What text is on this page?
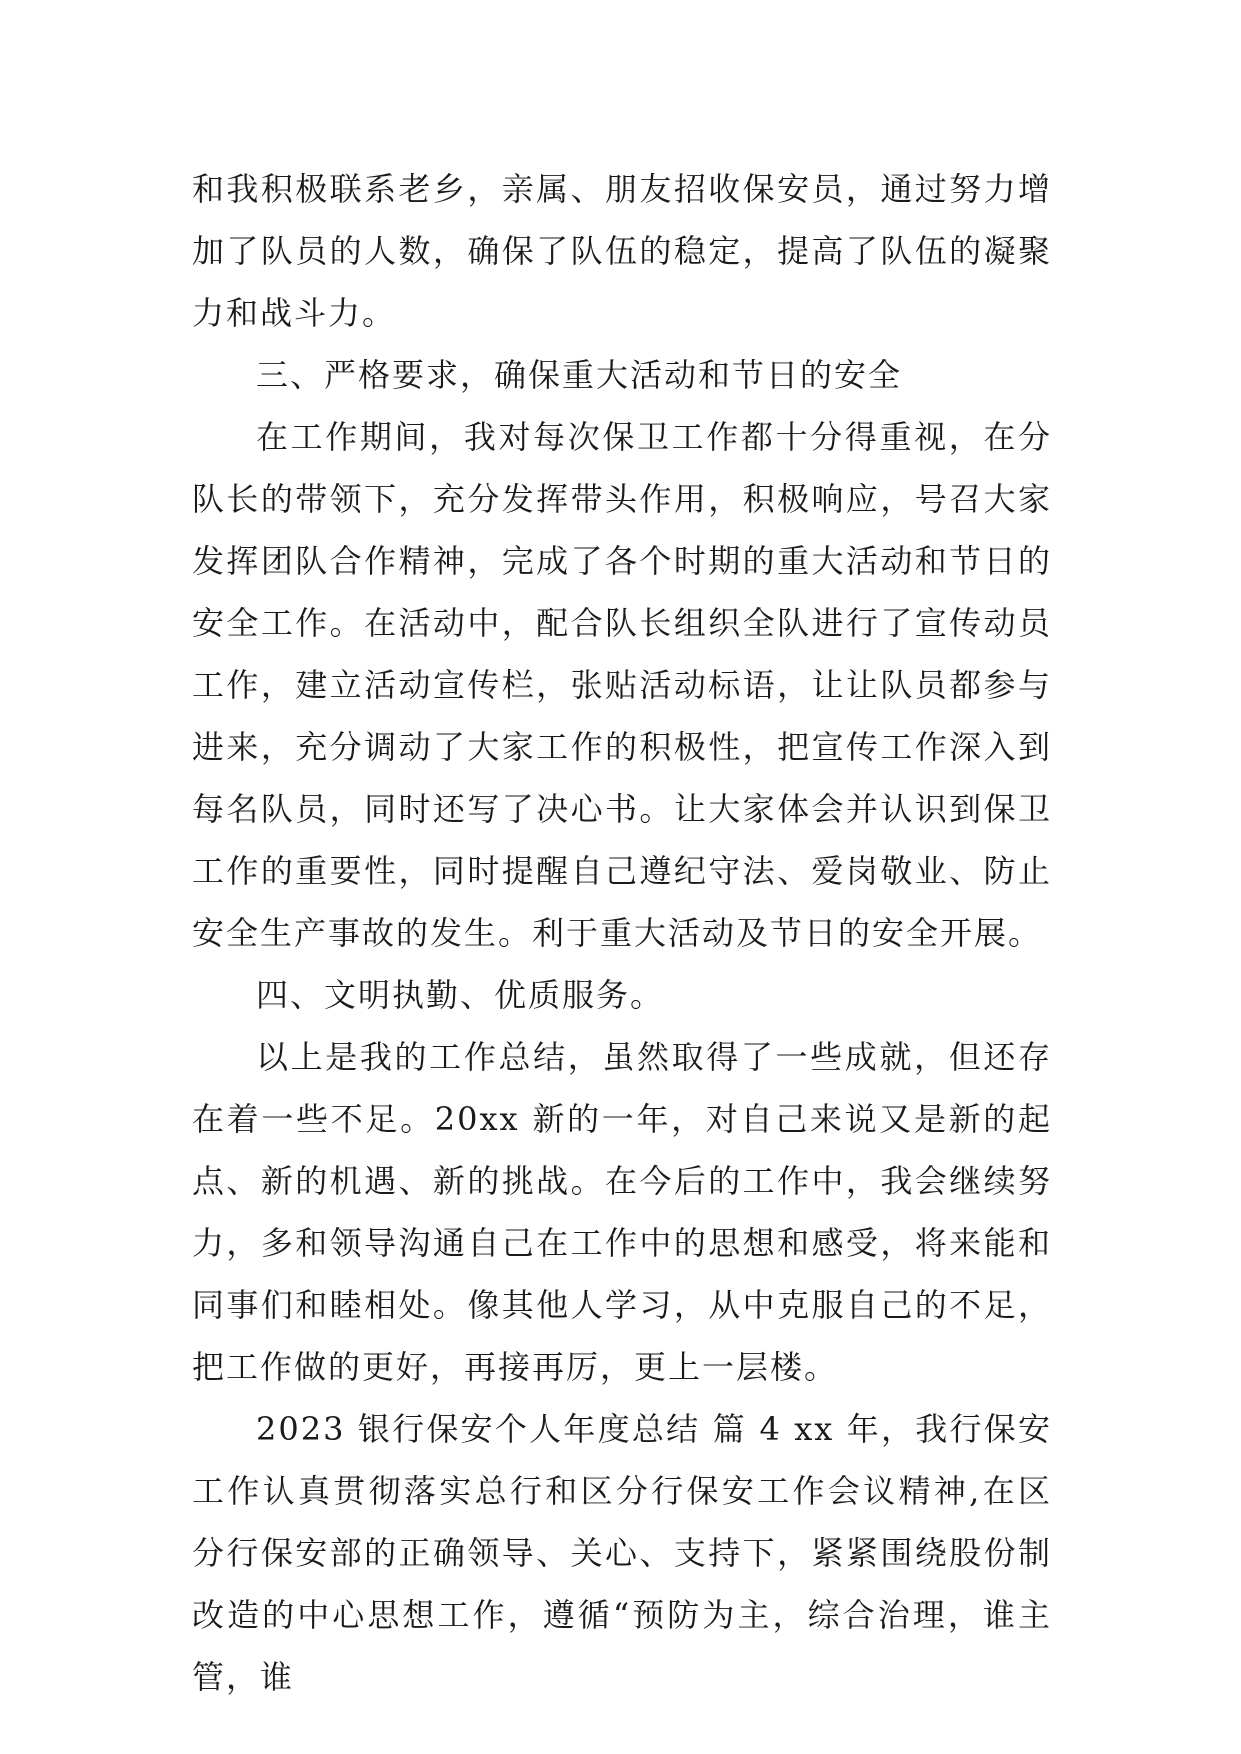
和我积极联系老乡，亲属、朋友招收保安员，通过努力增加了队员的人数，确保了队伍的稳定，提高了队伍的凝聚力和战斗力。

三、严格要求，确保重大活动和节日的安全

在工作期间，我对每次保卫工作都十分得重视，在分队长的带领下，充分发挥带头作用，积极响应，号召大家发挥团队合作精神，完成了各个时期的重大活动和节日的安全工作。在活动中，配合队长组织全队进行了宣传动员工作，建立活动宣传栏，张贴活动标语，让让队员都参与进来，充分调动了大家工作的积极性，把宣传工作深入到每名队员，同时还写了决心书。让大家体会并认识到保卫工作的重要性，同时提醒自己遵纪守法、爱岗敬业、防止安全生产事故的发生。利于重大活动及节日的安全开展。

四、文明执勤、优质服务。

以上是我的工作总结，虽然取得了一些成就，但还存在着一些不足。20xx 新的一年，对自己来说又是新的起点、新的机遇、新的挑战。在今后的工作中，我会继续努力，多和领导沟通自己在工作中的思想和感受，将来能和同事们和睦相处。像其他人学习，从中克服自己的不足，把工作做的更好，再接再厉，更上一层楼。

2023 银行保安个人年度总结 篇 4 xx 年，我行保安工作认真贯彻落实总行和区分行保安工作会议精神,在区分行保安部的正确领导、关心、支持下，紧紧围绕股份制改造的中心思想工作，遵循“预防为主，综合治理，谁主管，谁
